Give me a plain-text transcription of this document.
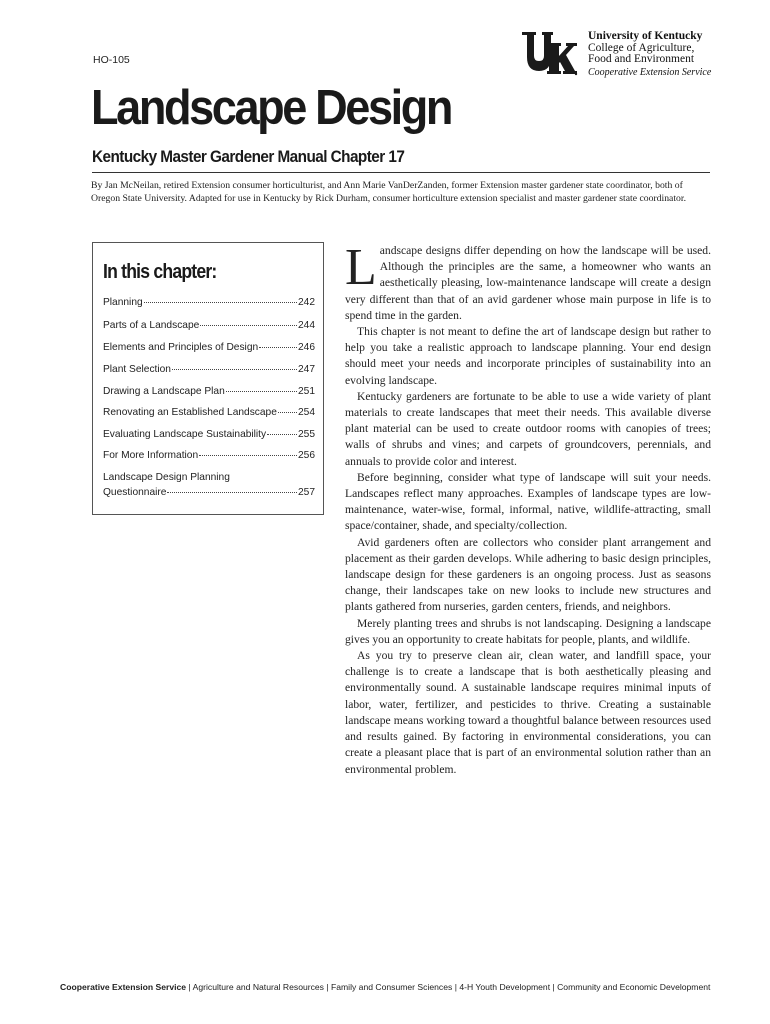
HO-105
University of Kentucky
College of Agriculture,
Food and Environment
Cooperative Extension Service
Landscape Design
Kentucky Master Gardener Manual Chapter 17
By Jan McNeilan, retired Extension consumer horticulturist, and Ann Marie VanDerZanden, former Extension master gardener state coordinator, both of Oregon State University. Adapted for use in Kentucky by Rick Durham, consumer horticulture extension specialist and master gardener state coordinator.
In this chapter:
Planning	242
Parts of a Landscape	244
Elements and Principles of Design	246
Plant Selection	247
Drawing a Landscape Plan	251
Renovating an Established Landscape 254
Evaluating Landscape Sustainability	255
For More Information	256
Landscape Design Planning
Questionnaire	257

Landscape designs differ depending on how the landscape will be used. Although the principles are the same, a homeowner who wants an aesthetically pleasing, low-maintenance landscape will create a design very different than that of an avid gardener whose main purpose in life is to spend time in the garden.

This chapter is not meant to define the art of landscape design but rather to help you take a realistic approach to landscape planning. Your end design should meet your needs and incorporate principles of sustainability into an evolving landscape.

Kentucky gardeners are fortunate to be able to use a wide variety of plant materials to create landscapes that meet their needs. This available diverse plant material can be used to create outdoor rooms with canopies of trees; walls of shrubs and vines; and carpets of groundcovers, perennials, and annuals to provide color and interest.

Before beginning, consider what type of landscape will suit your needs. Landscapes reflect many approaches. Examples of landscape types are low-maintenance, water-wise, formal, informal, native, wildlife-attracting, small space/container, shade, and specialty/collection.

Avid gardeners often are collectors who consider plant arrangement and placement as their garden develops. While adhering to basic design principles, landscape design for these gardeners is an ongoing process. Just as seasons change, their landscapes take on new looks to include new structures and plants gathered from nurseries, garden centers, friends, and neighbors.

Merely planting trees and shrubs is not landscaping. Designing a landscape gives you an opportunity to create habitats for people, plants, and wildlife.

As you try to preserve clean air, clean water, and landfill space, your challenge is to create a landscape that is both aesthetically pleasing and environmentally sound. A sustainable landscape requires minimal inputs of labor, water, fertilizer, and pesticides to thrive. Creating a sustainable landscape means working toward a thoughtful balance between resources used and results gained. By factoring in environmental considerations, you can create a pleasant place that is part of an environmental solution rather than an environmental problem.

Cooperative Extension Service | Agriculture and Natural Resources | Family and Consumer Sciences | 4-H Youth Development | Community and Economic Development
